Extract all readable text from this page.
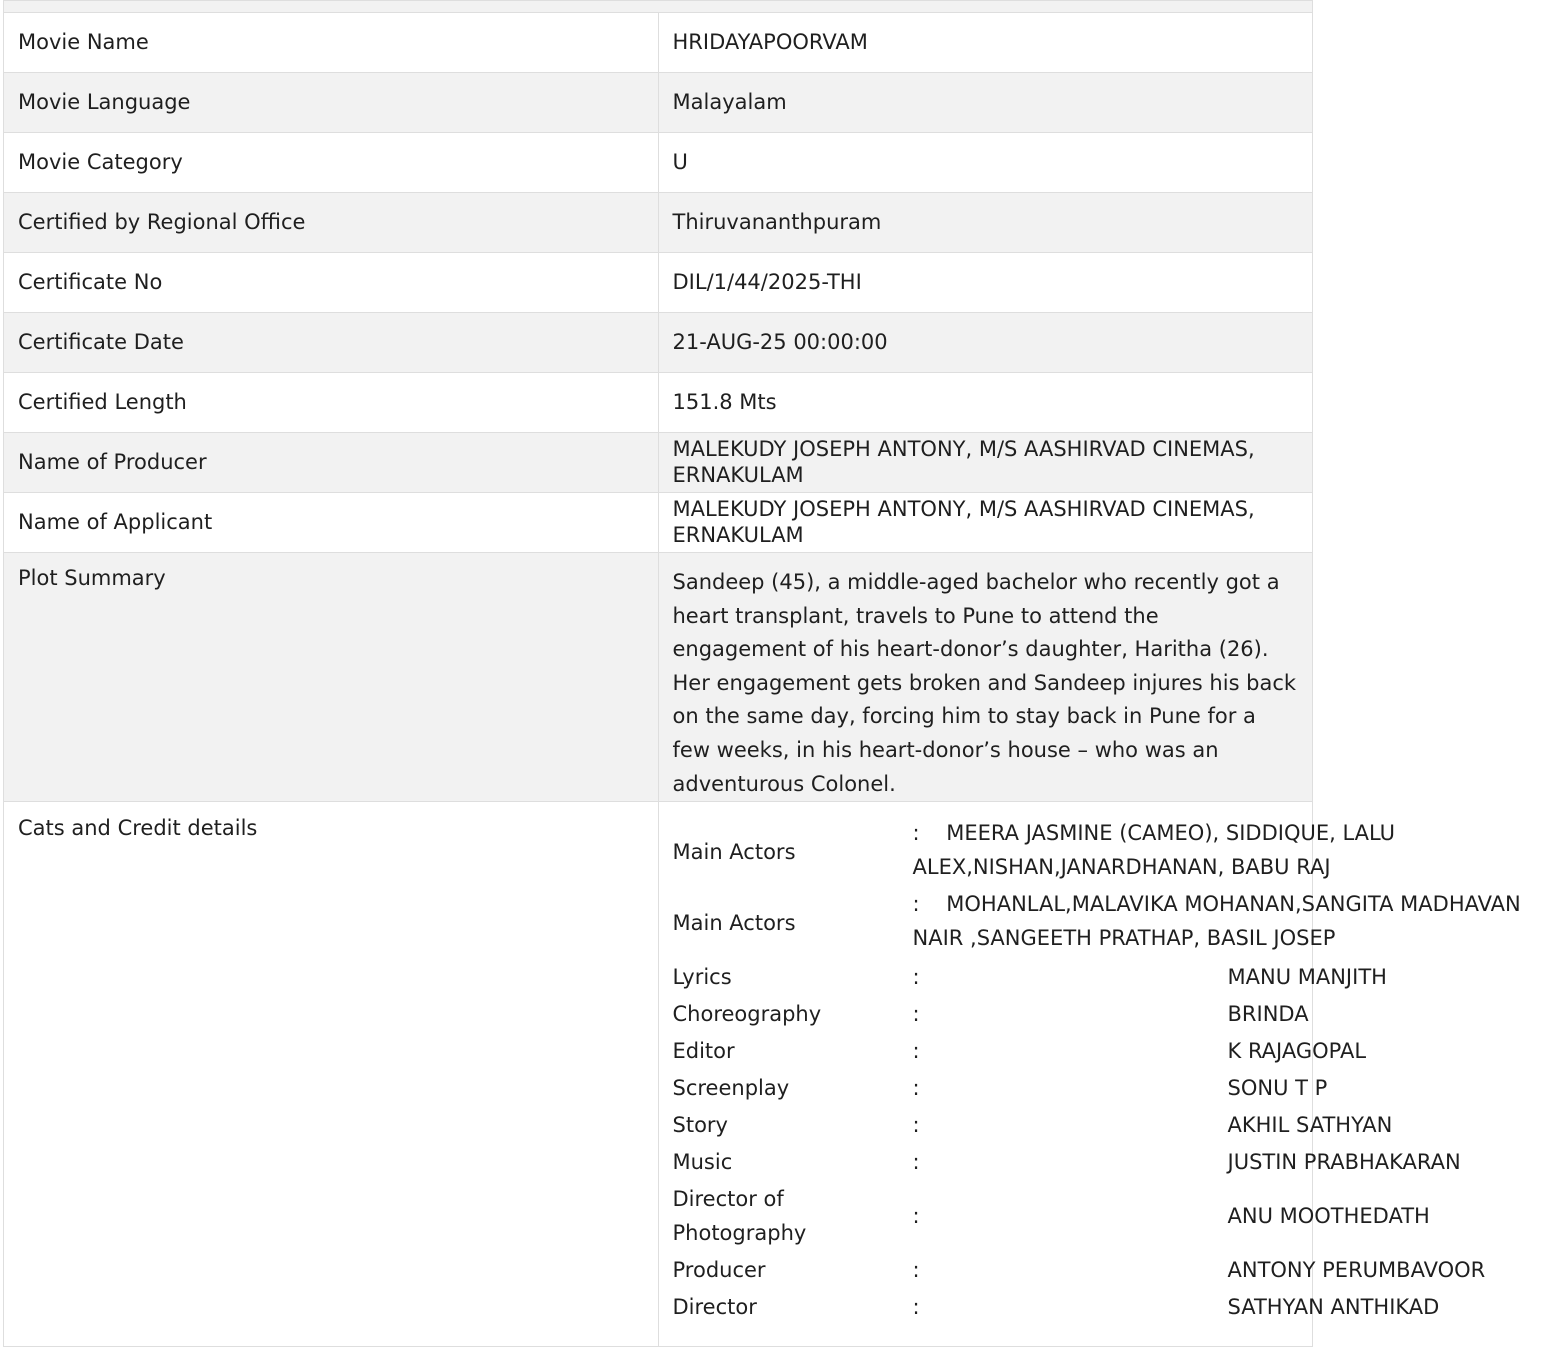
Movie Name	HRIDAYAPOORVAM
Movie Language	Malayalam
Movie Category	U
Certified by Regional Office	Thiruvananthpuram
Certificate No	DIL/1/44/2025-THI
Certificate Date	21-AUG-25 00:00:00
Certified Length	151.8 Mts
Name of Producer	MALEKUDY JOSEPH ANTONY, M/S AASHIRVAD CINEMAS, ERNAKULAM
Name of Applicant	MALEKUDY JOSEPH ANTONY, M/S AASHIRVAD CINEMAS, ERNAKULAM
Plot Summary	Sandeep (45), a middle-aged bachelor who recently got a heart transplant, travels to Pune to attend the engagement of his heart-donor’s daughter, Haritha (26). Her engagement gets broken and Sandeep injures his back on the same day, forcing him to stay back in Pune for a few weeks, in his heart-donor’s house – who was an adventurous Colonel.
Cats and Credit details	
Main Actors	: MEERA JASMINE (CAMEO), SIDDIQUE, LALU ALEX,NISHAN,JANARDHANAN, BABU RAJ
Main Actors	: MOHANLAL,MALAVIKA MOHANAN,SANGITA MADHAVAN NAIR ,SANGEETH PRATHAP, BASIL JOSEP
Lyrics	:	MANU MANJITH
Choreography	:	BRINDA
Editor	:	K RAJAGOPAL
Screenplay	:	SONU T P
Story	:	AKHIL SATHYAN
Music	:	JUSTIN PRABHAKARAN
Director of Photography	:	ANU MOOTHEDATH
Producer	:	ANTONY PERUMBAVOOR
Director	:	SATHYAN ANTHIKAD
